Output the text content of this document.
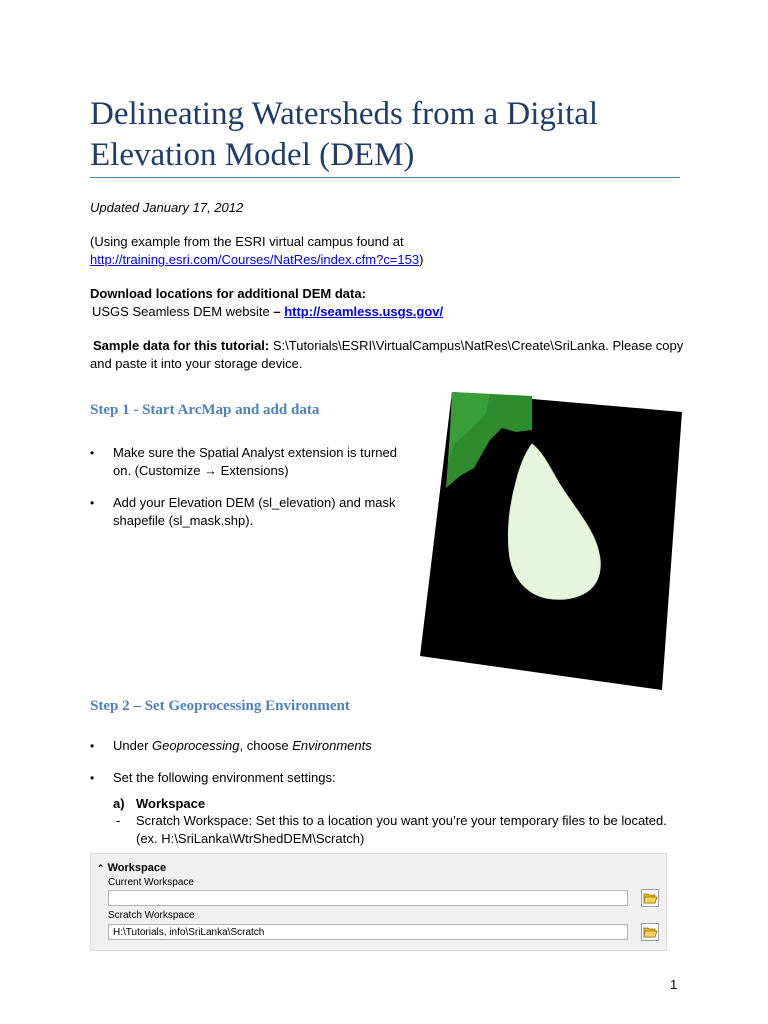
Delineating Watersheds from a Digital
Elevation Model (DEM)
Updated January 17, 2012
(Using example from the ESRI virtual campus found at
http://training.esri.com/Courses/NatRes/index.cfm?c=153)
Download locations for additional DEM data:
USGS Seamless DEM website – http://seamless.usgs.gov/
Sample data for this tutorial: S:\Tutorials\ESRI\VirtualCampus\NatRes\Create\SriLanka. Please copy
and paste it into your storage device.
Step 1 - Start ArcMap and add data
• Make sure the Spatial Analyst extension is turned
on. (Customize → Extensions)
• Add your Elevation DEM (sl_elevation) and mask
shapefile (sl_mask.shp).
Step 2 – Set Geoprocessing Environment
•	Under Geoprocessing, choose Environments
•	Set the following environment settings:
a) Workspace
- Scratch Workspace: Set this to a location you want you’re your temporary files to be located.
(ex. H:\SriLanka\WtrShedDEM\Scratch)
⌃ Workspace
Current Workspace
Scratch Workspace
H:\Tutorials, info\SriLanka\Scratch
1
